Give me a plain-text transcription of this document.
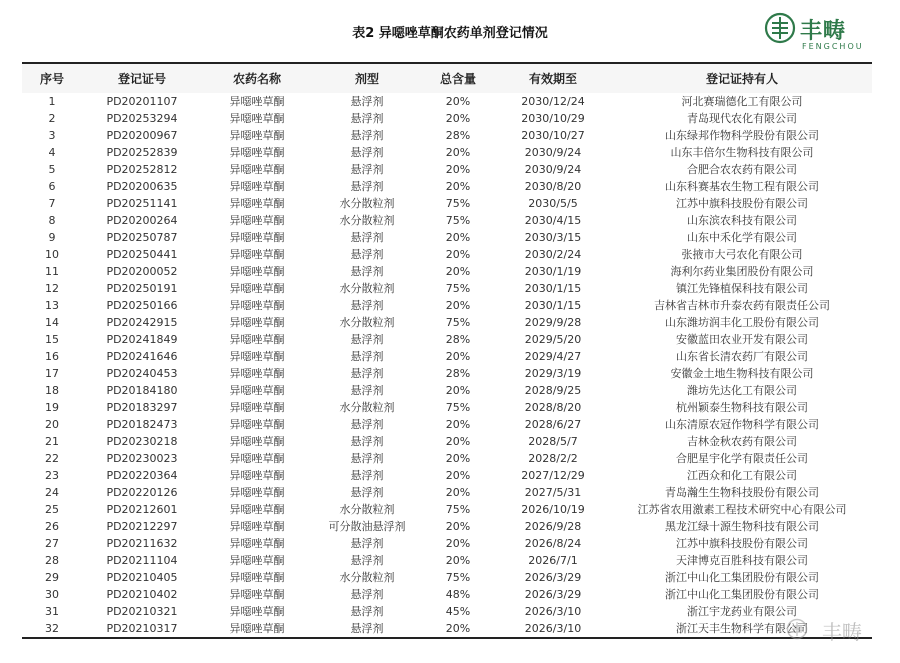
表2 异噁唑草酮农药单剂登记情况	丰畴
FENGCHOU
序号	登记证号	农药名称	剂型	总含量	有效期至	登记证持有人
1	PD20201107	异噁唑草酮	悬浮剂	20%	2030/12/24	河北赛瑞德化工有限公司
2	PD20253294	异噁唑草酮	悬浮剂	20%	2030/10/29	青岛现代农化有限公司
3	PD20200967	异噁唑草酮	悬浮剂	28%	2030/10/27	山东绿邦作物科学股份有限公司
4	PD20252839	异噁唑草酮	悬浮剂	20%	2030/9/24	山东丰倍尔生物科技有限公司
5	PD20252812	异噁唑草酮	悬浮剂	20%	2030/9/24	合肥合农农药有限公司
6	PD20200635	异噁唑草酮	悬浮剂	20%	2030/8/20	山东科赛基农生物工程有限公司
7	PD20251141	异噁唑草酮	水分散粒剂	75%	2030/5/5	江苏中旗科技股份有限公司
8	PD20200264	异噁唑草酮	水分散粒剂	75%	2030/4/15	山东滨农科技有限公司
9	PD20250787	异噁唑草酮	悬浮剂	20%	2030/3/15	山东中禾化学有限公司
10	PD20250441	异噁唑草酮	悬浮剂	20%	2030/2/24	张掖市大弓农化有限公司
11	PD20200052	异噁唑草酮	悬浮剂	20%	2030/1/19	海利尔药业集团股份有限公司
12	PD20250191	异噁唑草酮	水分散粒剂	75%	2030/1/15	镇江先锋植保科技有限公司
13	PD20250166	异噁唑草酮	悬浮剂	20%	2030/1/15	吉林省吉林市升泰农药有限责任公司
14	PD20242915	异噁唑草酮	水分散粒剂	75%	2029/9/28	山东潍坊润丰化工股份有限公司
15	PD20241849	异噁唑草酮	悬浮剂	28%	2029/5/20	安徽蓝田农业开发有限公司
16	PD20241646	异噁唑草酮	悬浮剂	20%	2029/4/27	山东省长清农药厂有限公司
17	PD20240453	异噁唑草酮	悬浮剂	28%	2029/3/19	安徽金土地生物科技有限公司
18	PD20184180	异噁唑草酮	悬浮剂	20%	2028/9/25	潍坊先达化工有限公司
19	PD20183297	异噁唑草酮	水分散粒剂	75%	2028/8/20	杭州颖泰生物科技有限公司
20	PD20182473	异噁唑草酮	悬浮剂	20%	2028/6/27	山东清原农冠作物科学有限公司
21	PD20230218	异噁唑草酮	悬浮剂	20%	2028/5/7	吉林金秋农药有限公司
22	PD20230023	异噁唑草酮	悬浮剂	20%	2028/2/2	合肥星宇化学有限责任公司
23	PD20220364	异噁唑草酮	悬浮剂	20%	2027/12/29	江西众和化工有限公司
24	PD20220126	异噁唑草酮	悬浮剂	20%	2027/5/31	青岛瀚生生物科技股份有限公司
25	PD20212601	异噁唑草酮	水分散粒剂	75%	2026/10/19	江苏省农用激素工程技术研究中心有限公司
26	PD20212297	异噁唑草酮	可分散油悬浮剂	20%	2026/9/28	黑龙江绿十源生物科技有限公司
27	PD20211632	异噁唑草酮	悬浮剂	20%	2026/8/24	江苏中旗科技股份有限公司
28	PD20211104	异噁唑草酮	悬浮剂	20%	2026/7/1	天津博克百胜科技有限公司
29	PD20210405	异噁唑草酮	水分散粒剂	75%	2026/3/29	浙江中山化工集团股份有限公司
30	PD20210402	异噁唑草酮	悬浮剂	48%	2026/3/29	浙江中山化工集团股份有限公司
31	PD20210321	异噁唑草酮	悬浮剂	45%	2026/3/10	浙江宇龙药业有限公司
32	PD20210317	异噁唑草酮	悬浮剂	20%	2026/3/10	浙江天丰生物科学有限公司 丰畴
